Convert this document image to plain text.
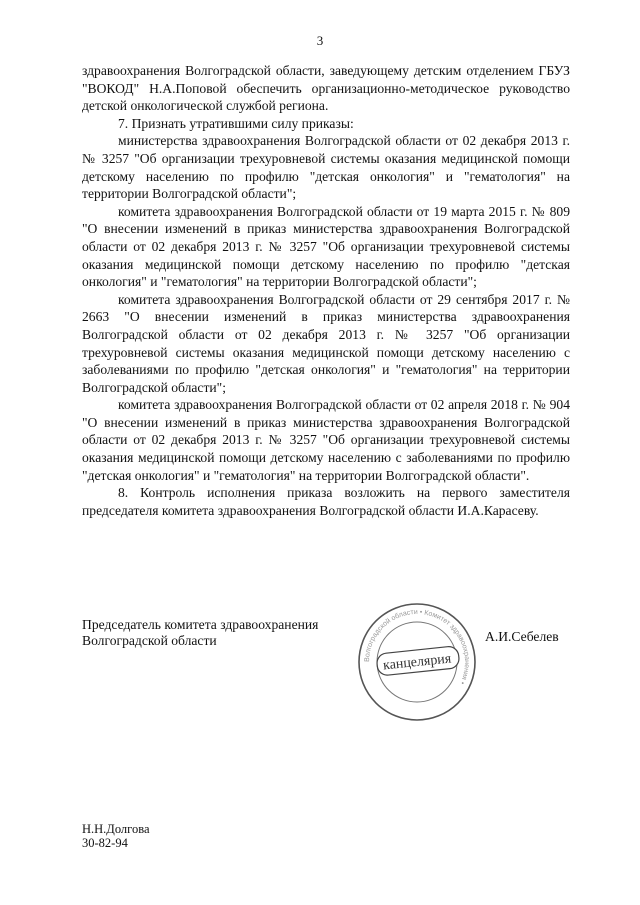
3

здравоохранения Волгоградской области, заведующему детским отделением ГБУЗ "ВОКОД" Н.А.Поповой обеспечить организационно-методическое руководство детской онкологической службой региона.

7. Признать утратившими силу приказы:

министерства здравоохранения Волгоградской области от 02 декабря 2013 г. № 3257 "Об организации трехуровневой системы оказания медицинской помощи детскому населению по профилю "детская онкология" и "гематология" на территории Волгоградской области";

комитета здравоохранения Волгоградской области от 19 марта 2015 г. № 809 "О внесении изменений в приказ министерства здравоохранения Волгоградской области от 02 декабря 2013 г. № 3257 "Об организации трехуровневой системы оказания медицинской помощи детскому населению по профилю "детская онкология" и "гематология" на территории Волгоградской области";

комитета здравоохранения Волгоградской области от 29 сентября 2017 г. № 2663 "О внесении изменений в приказ министерства здравоохранения Волгоградской области от 02 декабря 2013 г. № 3257 "Об организации трехуровневой системы оказания медицинской помощи детскому населению с заболеваниями по профилю "детская онкология" и "гематология" на территории Волгоградской области";

комитета здравоохранения Волгоградской области от 02 апреля 2018 г. № 904 "О внесении изменений в приказ министерства здравоохранения Волгоградской области от 02 декабря 2013 г. № 3257 "Об организации трехуровневой системы оказания медицинской помощи детскому населению с заболеваниями по профилю "детская онкология" и "гематология" на территории Волгоградской области".

8. Контроль исполнения приказа возложить на первого заместителя председателя комитета здравоохранения Волгоградской области И.А.Карасеву.

Председатель комитета здравоохранения
Волгоградской области
Волгоградской области • Комитет здравоохранения •
канцелярия
А.И.Себелев
Н.Н.Долгова
30-82-94
